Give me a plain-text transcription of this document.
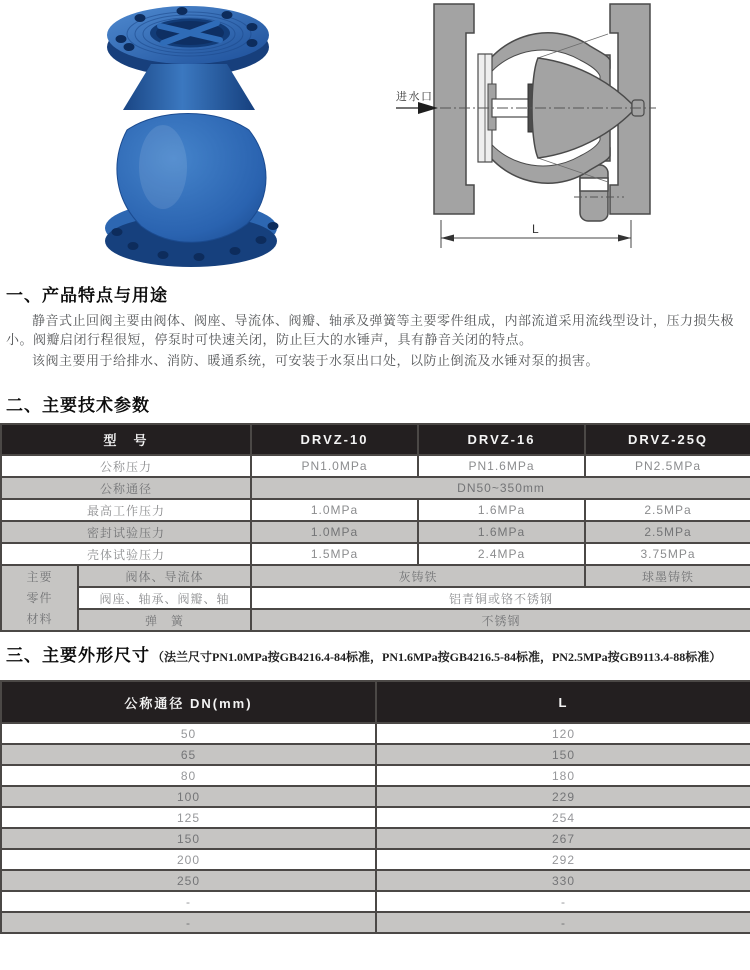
进水口
L
一、产品特点与用途

静音式止回阀主要由阀体、阀座、导流体、阀瓣、轴承及弹簧等主要零件组成，内部流道采用流线型设计，压力损失极小。阀瓣启闭行程很短，停泵时可快速关闭，防止巨大的水锤声，具有静音关闭的特点。

该阀主要用于给排水、消防、暖通系统，可安装于水泵出口处，以防止倒流及水锤对泵的损害。

二、主要技术参数
型　号		DRVZ-10	DRVZ-16	DRVZ-25Q
公称压力		PN1.0MPa	PN1.6MPa	PN2.5MPa
公称通径		DN50~350mm		
最高工作压力		1.0MPa	1.6MPa	2.5MPa
密封试验压力		1.0MPa	1.6MPa	2.5MPa
壳体试验压力		1.5MPa	2.4MPa	3.75MPa

主要
零件
材料	阀体、导流体	灰铸铁		球墨铸铁
	阀座、轴承、阀瓣、轴	铝青铜或铬不锈钢		
	弹　簧	不锈钢		
三、主要外形尺寸 （法兰尺寸PN1.0MPa按GB4216.4-84标准，PN1.6MPa按GB4216.5-84标准，PN2.5MPa按GB9113.4-88标准）
公称通径 DN(mm)	L
50	120
65	150
80	180
100	229
125	254
150	267
200	292
250	330
-	-
-	-
